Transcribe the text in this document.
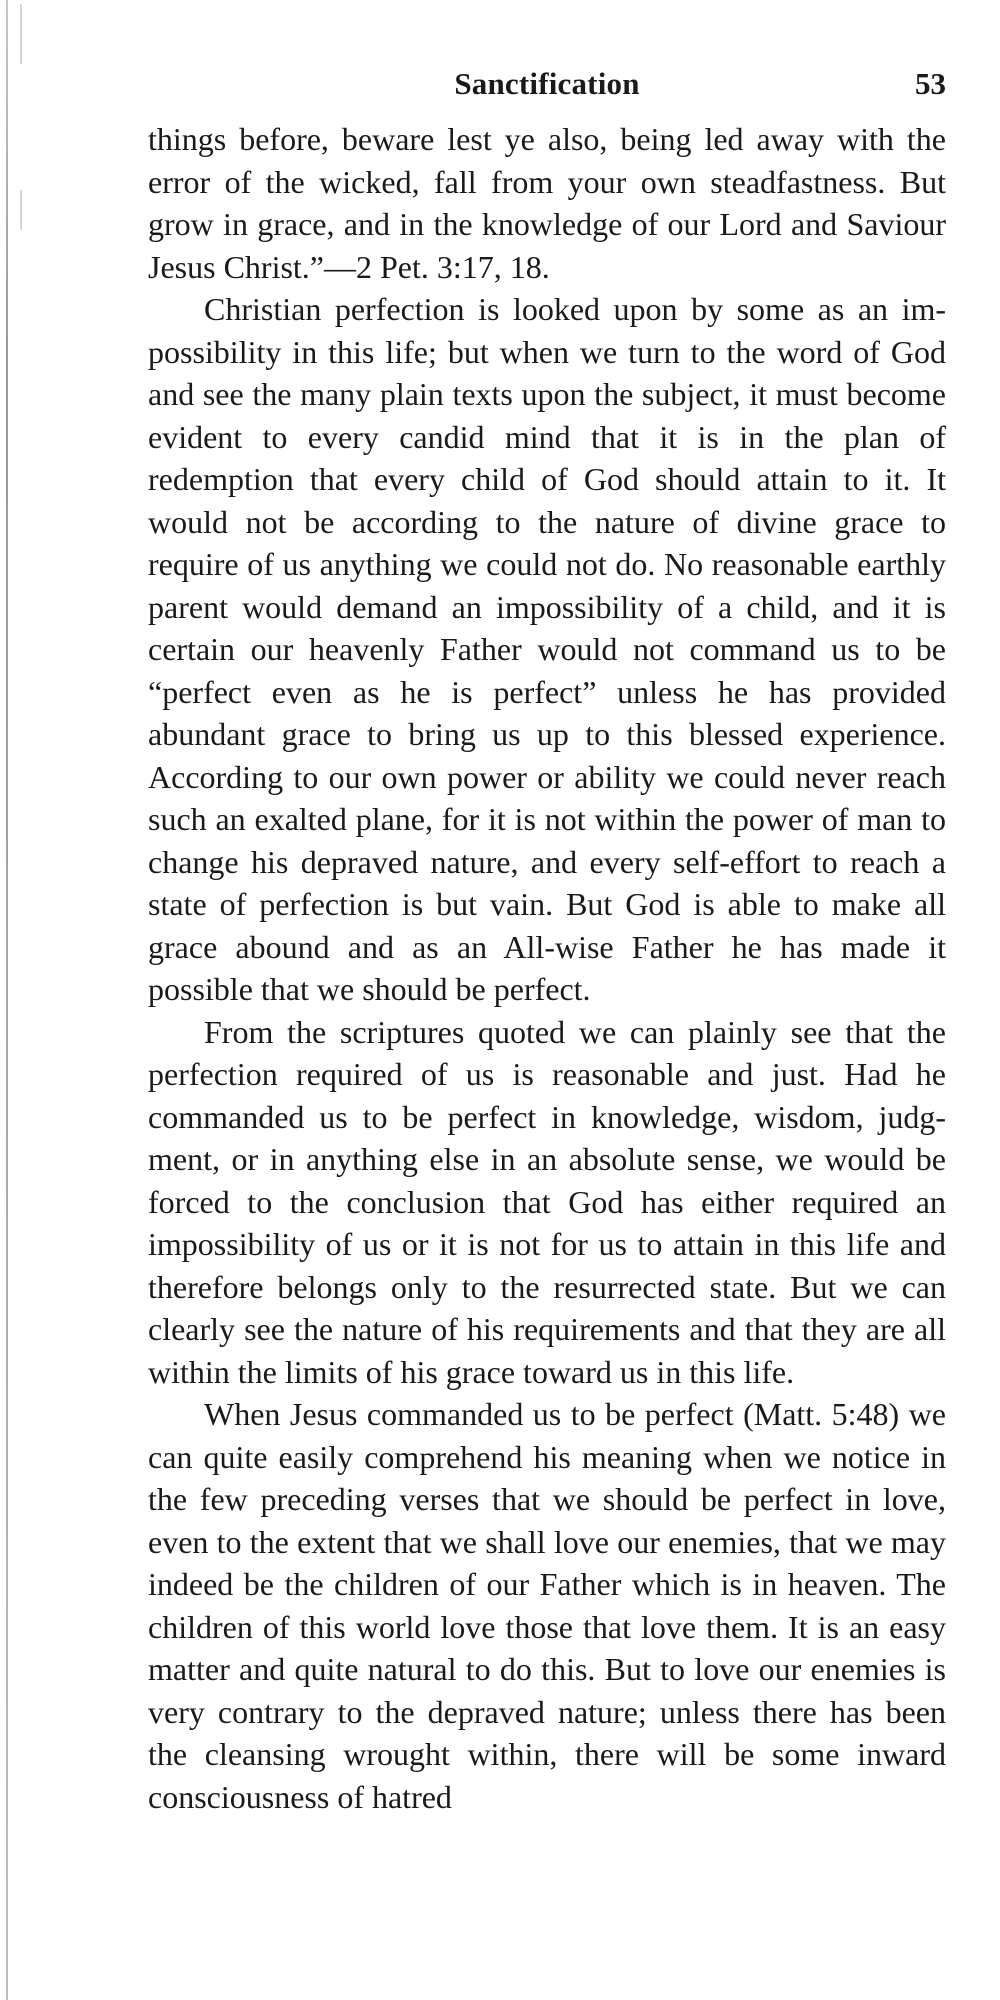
Sanctification	53

things before, beware lest ye also, being led away with the error of the wicked, fall from your own steadfastness. But grow in grace, and in the knowledge of our Lord and Saviour Jesus Christ.”—2 Pet. 3:17, 18.

Christian perfection is looked upon by some as an impossibility in this life; but when we turn to the word of God and see the many plain texts upon the subject, it must become evident to every candid mind that it is in the plan of redemption that every child of God should attain to it. It would not be according to the nature of divine grace to require of us anything we could not do. No reasonable earthly parent would demand an impossibility of a child, and it is certain our heavenly Father would not command us to be “perfect even as he is perfect” unless he has provided abundant grace to bring us up to this blessed experience. According to our own power or ability we could never reach such an exalted plane, for it is not within the power of man to change his depraved nature, and every self-effort to reach a state of perfection is but vain. But God is able to make all grace abound and as an All-wise Father he has made it possible that we should be perfect.

From the scriptures quoted we can plainly see that the perfection required of us is reasonable and just. Had he commanded us to be perfect in knowledge, wisdom, judgment, or in anything else in an absolute sense, we would be forced to the conclusion that God has either required an impossibility of us or it is not for us to attain in this life and therefore belongs only to the resurrected state. But we can clearly see the nature of his requirements and that they are all within the limits of his grace toward us in this life.

When Jesus commanded us to be perfect (Matt. 5:48) we can quite easily comprehend his meaning when we notice in the few preceding verses that we should be perfect in love, even to the extent that we shall love our enemies, that we may indeed be the children of our Father which is in heaven. The children of this world love those that love them. It is an easy matter and quite natural to do this. But to love our enemies is very contrary to the depraved nature; unless there has been the cleansing wrought within, there will be some inward consciousness of hatred
